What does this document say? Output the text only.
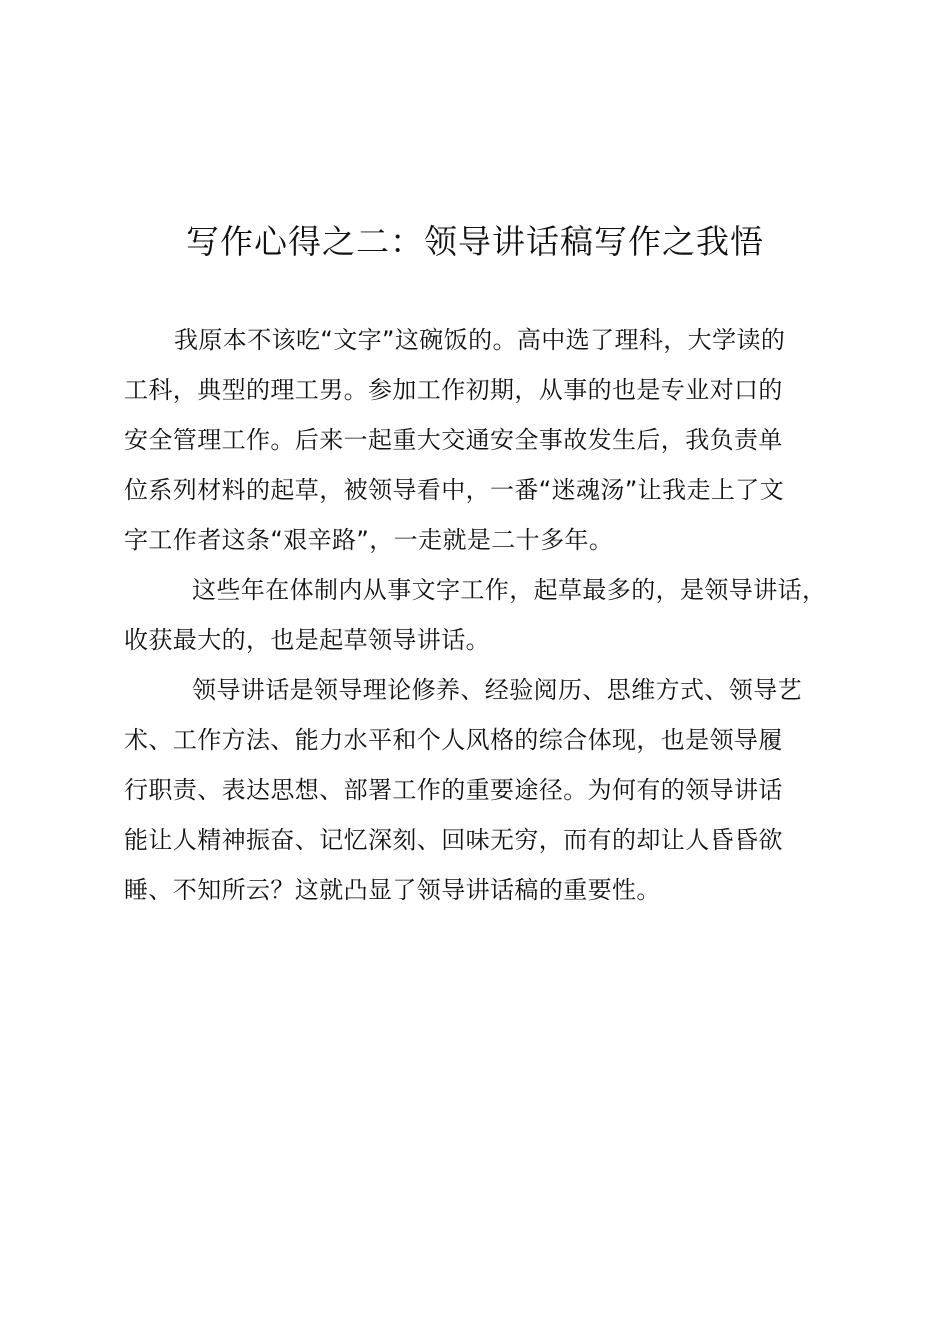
写作心得之二：领导讲话稿写作之我悟
我原本不该吃“文字”这碗饭的。高中选了理科，大学读的
工科，典型的理工男。参加工作初期，从事的也是专业对口的
安全管理工作。后来一起重大交通安全事故发生后，我负责单
位系列材料的起草，被领导看中，一番“迷魂汤”让我走上了文
字工作者这条“艰辛路”，一走就是二十多年。
这些年在体制内从事文字工作，起草最多的，是领导讲话，
收获最大的，也是起草领导讲话。
领导讲话是领导理论修养、经验阅历、思维方式、领导艺
术、工作方法、能力水平和个人风格的综合体现，也是领导履
行职责、表达思想、部署工作的重要途径。为何有的领导讲话
能让人精神振奋、记忆深刻、回味无穷，而有的却让人昏昏欲
睡、不知所云？这就凸显了领导讲话稿的重要性。
